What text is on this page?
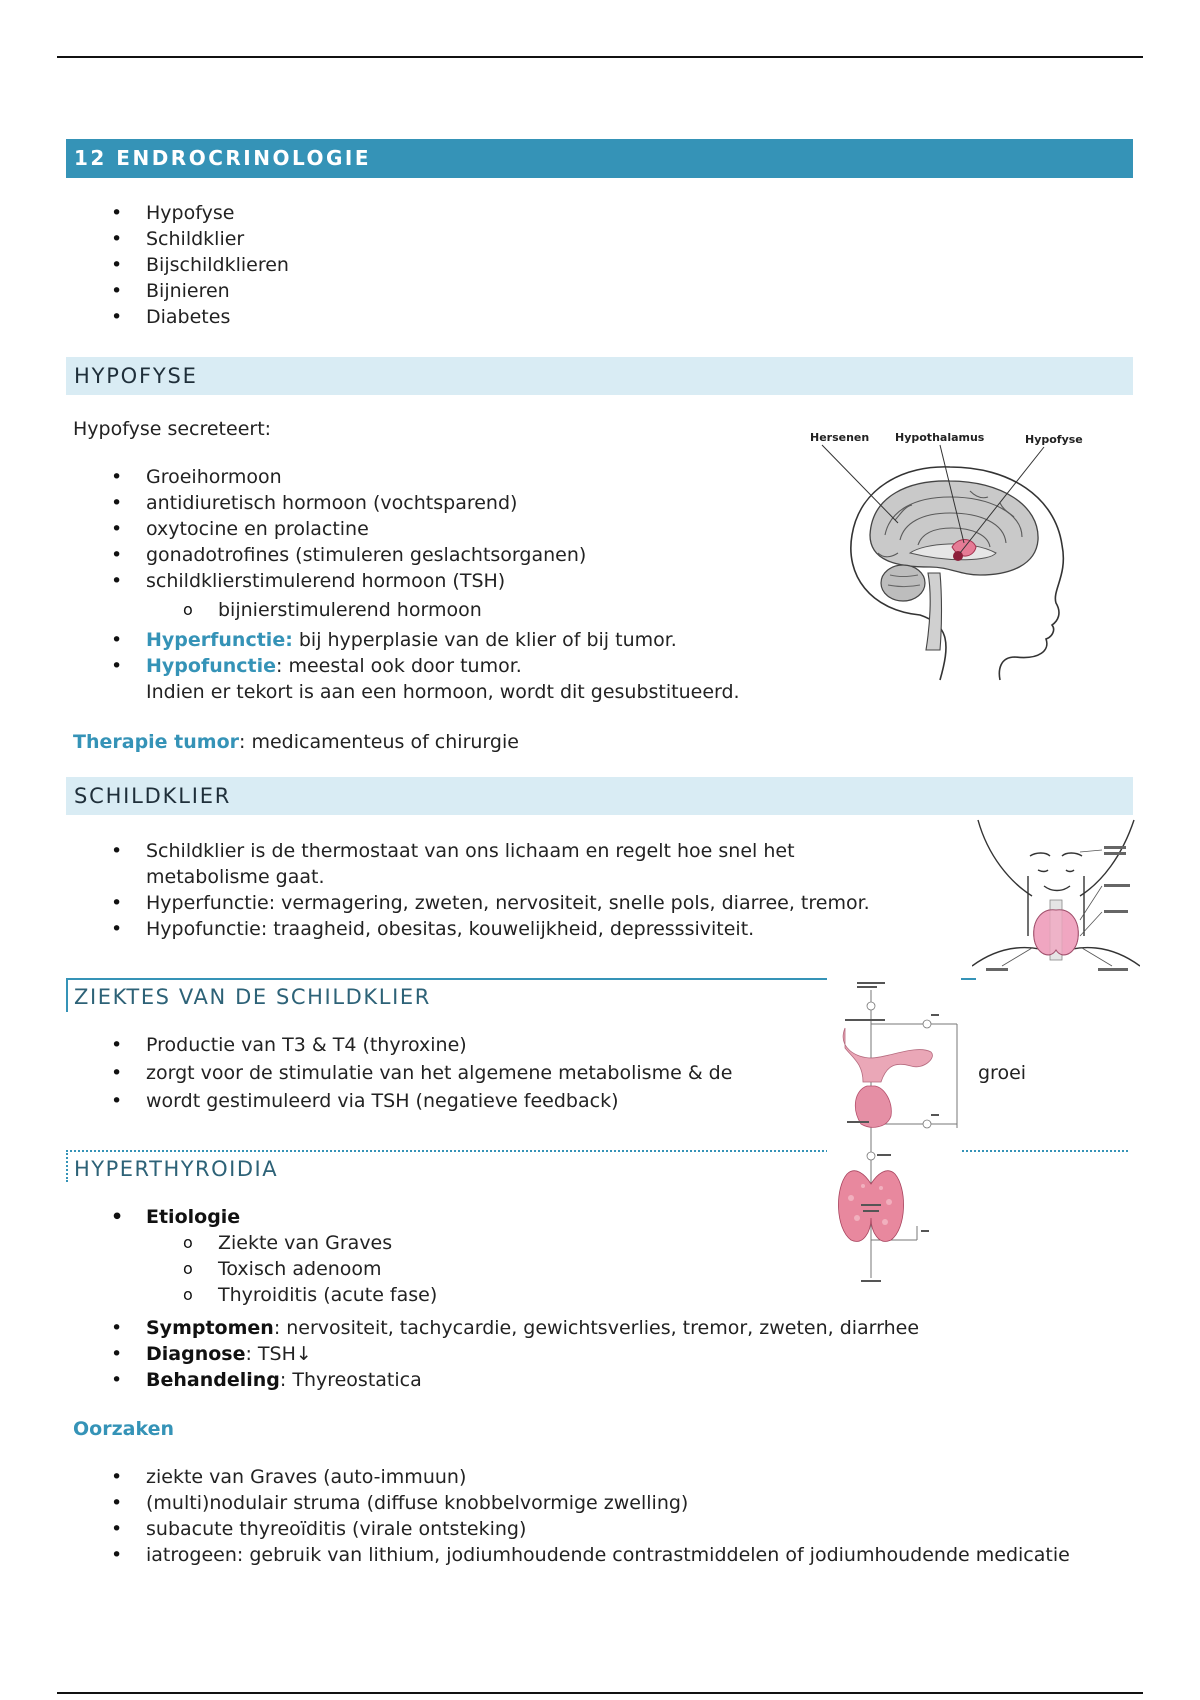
12 ENDROCRINOLOGIE
• Hypofyse
• Schildklier
• Bijschildklieren
• Bijnieren
• Diabetes
HYPOFYSE
Hypofyse secreteert:
• Groeihormoon
• antidiuretisch hormoon (vochtsparend)
• oxytocine en prolactine
• gonadotrofines (stimuleren geslachtsorganen)
• schildklierstimulerend hormoon (TSH)
o bijnierstimulerend hormoon
• Hyperfunctie: bij hyperplasie van de klier of bij tumor.
• Hypofunctie: meestal ook door tumor.
Indien er tekort is aan een hormoon, wordt dit gesubstitueerd.
Therapie tumor: medicamenteus of chirurgie
Hersenen Hypothalamus	Hypofyse
SCHILDKLIER
• Schildklier is de thermostaat van ons lichaam en regelt hoe snel het
metabolisme gaat.
• Hyperfunctie: vermagering, zweten, nervositeit, snelle pols, diarree, tremor.
• Hypofunctie: traagheid, obesitas, kouwelijkheid, depresssiviteit.
ZIEKTES VAN DE SCHILDKLIER
• Productie van T3 & T4 (thyroxine)
• zorgt voor de stimulatie van het algemene metabolisme & de	groei
• wordt gestimuleerd via TSH (negatieve feedback)
HYPERTHYROIDIA
• Etiologie
o Ziekte van Graves
o Toxisch adenoom
o Thyroiditis (acute fase)
• Symptomen: nervositeit, tachycardie, gewichtsverlies, tremor, zweten, diarrhee
• Diagnose: TSH↓
• Behandeling: Thyreostatica
Oorzaken
• ziekte van Graves (auto-immuun)
• (multi)nodulair struma (diffuse knobbelvormige zwelling)
• subacute thyreoïditis (virale ontsteking)
• iatrogeen: gebruik van lithium, jodiumhoudende contrastmiddelen of jodiumhoudende medicatie
